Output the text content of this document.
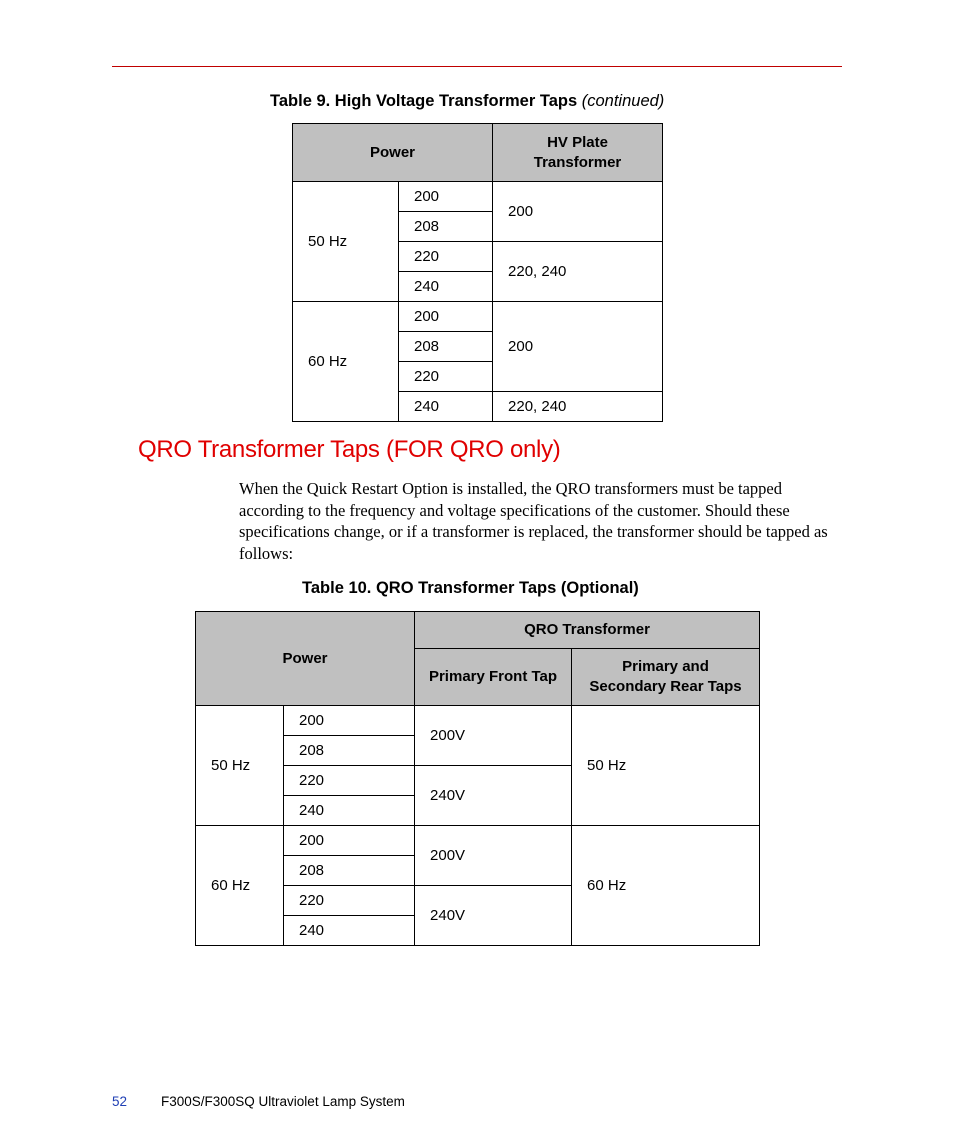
Table 9. High Voltage Transformer Taps (continued)
Power		HV Plate
Transformer
50 Hz	200	200
	208	
	220	220, 240
	240	
60 Hz	200	200
	208	
	220	
	240	220, 240
QRO Transformer Taps (FOR QRO only)
When the Quick Restart Option is installed, the QRO transformers must be tapped according to the frequency and voltage specifications of the customer. Should these specifications change, or if a transformer is replaced, the transformer should be tapped as follows:
Table 10. QRO Transformer Taps (Optional)
Power		QRO Transformer	
		Primary Front Tap	Primary and
Secondary Rear Taps
50 Hz	200	200V	50 Hz
	208		
	220	240V	
	240		
60 Hz	200	200V	60 Hz
	208		
	220	240V	
	240		
52	F300S/F300SQ Ultraviolet Lamp System
